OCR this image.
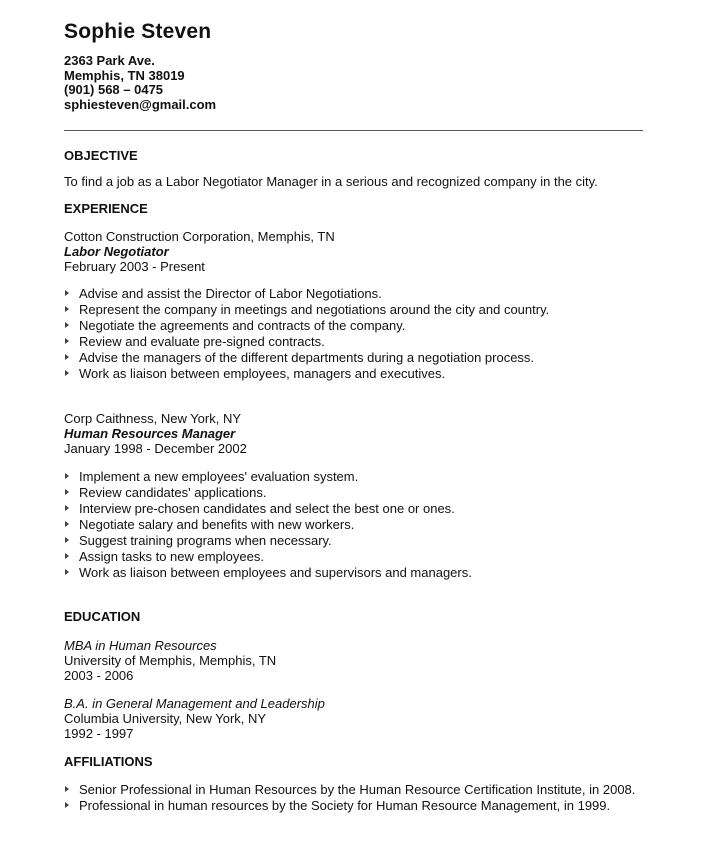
Sophie Steven
2363 Park Ave.
Memphis, TN 38019
(901) 568 – 0475
sphiesteven@gmail.com
OBJECTIVE
To find a job as a Labor Negotiator Manager in a serious and recognized company in the city.
EXPERIENCE
Cotton Construction Corporation, Memphis, TN
Labor Negotiator
February 2003 - Present
Advise and assist the Director of Labor Negotiations.
Represent the company in meetings and negotiations around the city and country.
Negotiate the agreements and contracts of the company.
Review and evaluate pre-signed contracts.
Advise the managers of the different departments during a negotiation process.
Work as liaison between employees, managers and executives.
Corp Caithness, New York, NY
Human Resources Manager
January 1998 - December 2002
Implement a new employees' evaluation system.
Review candidates' applications.
Interview pre-chosen candidates and select the best one or ones.
Negotiate salary and benefits with new workers.
Suggest training programs when necessary.
Assign tasks to new employees.
Work as liaison between employees and supervisors and managers.
EDUCATION
MBA in Human Resources
University of Memphis, Memphis, TN
2003 - 2006
B.A. in General Management and Leadership
Columbia University, New York, NY
1992 - 1997
AFFILIATIONS
Senior Professional in Human Resources by the Human Resource Certification Institute, in 2008.
Professional in human resources by the Society for Human Resource Management, in 1999.
